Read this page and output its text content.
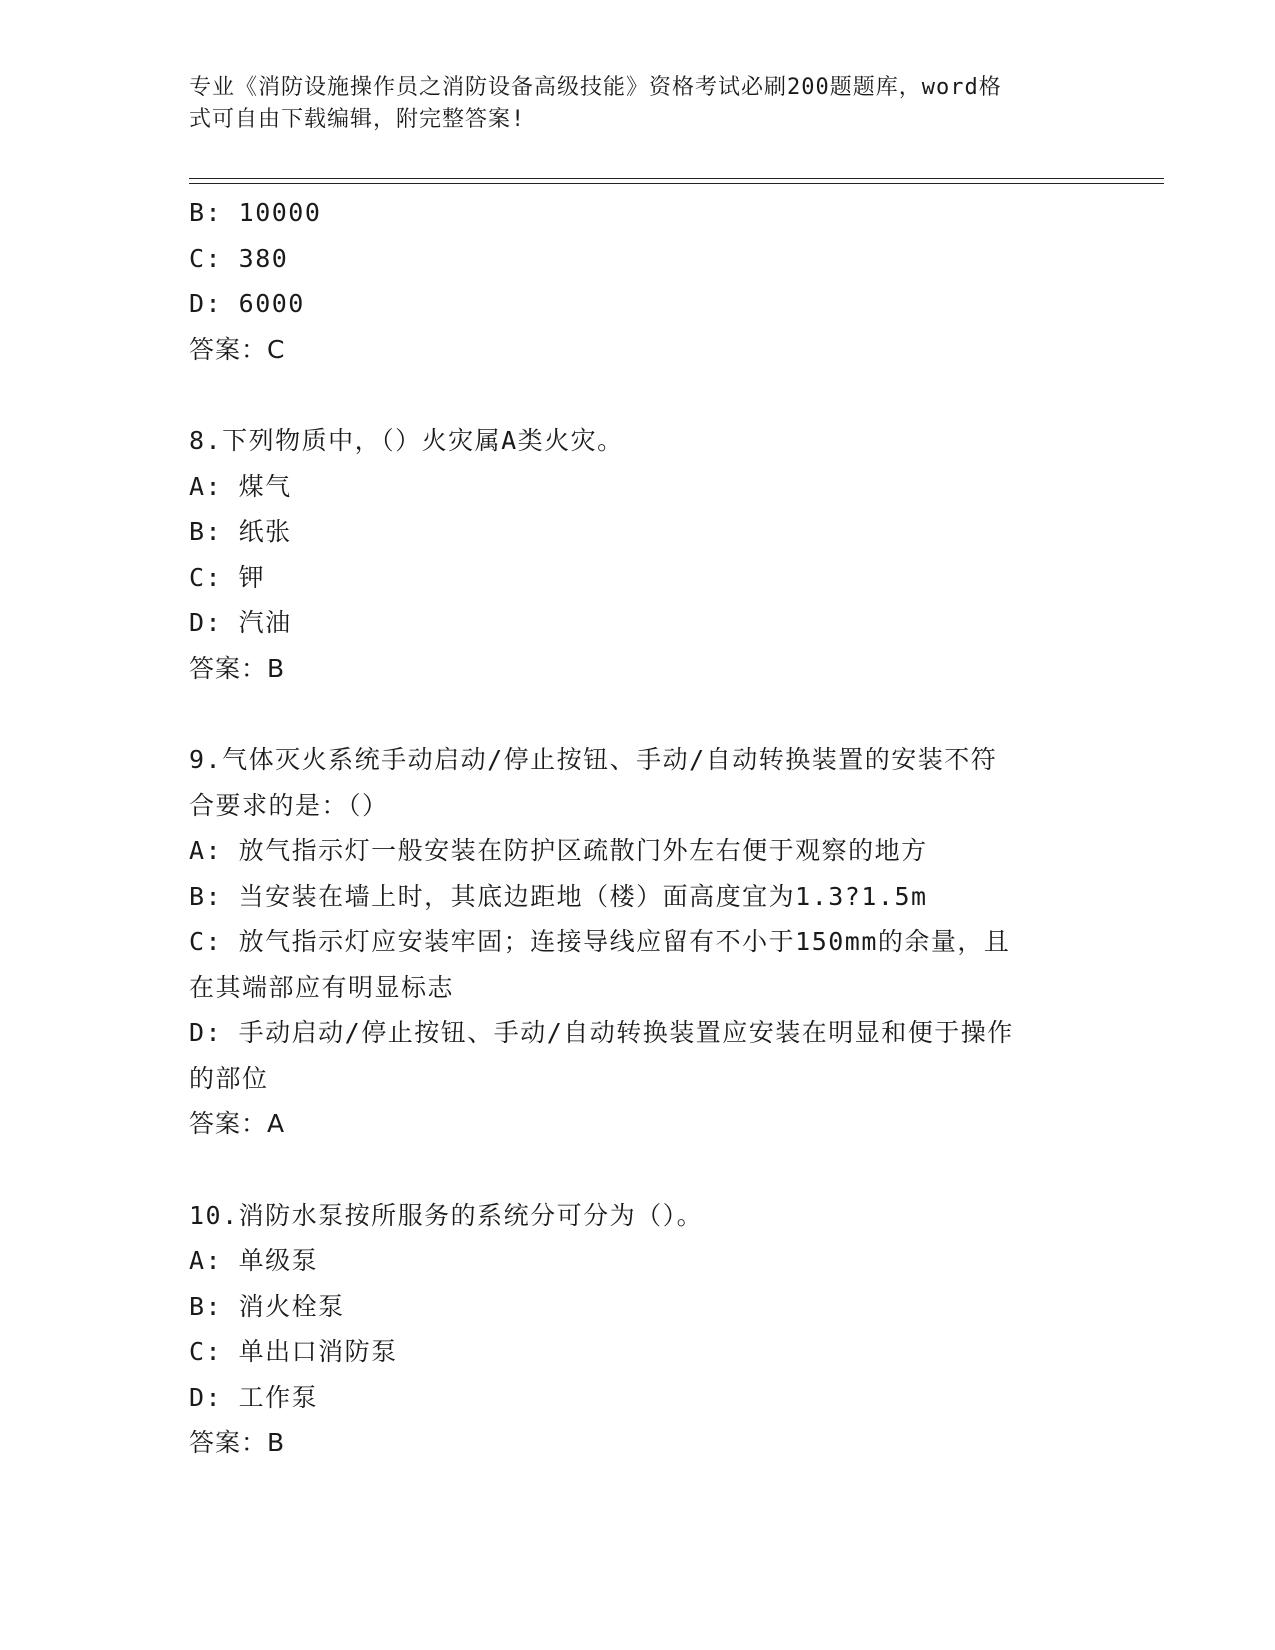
专业《消防设施操作员之消防设备高级技能》资格考试必刷200题题库，word格
式可自由下载编辑，附完整答案!
B: 10000
C: 380
D: 6000
答案：C
8.下列物质中，（）火灾属A类火灾。
A: 煤气
B: 纸张
C: 钾
D: 汽油
答案：B
9.气体灭火系统手动启动/停止按钮、手动/自动转换装置的安装不符
合要求的是：（）
A: 放气指示灯一般安装在防护区疏散门外左右便于观察的地方
B: 当安装在墙上时，其底边距地（楼）面高度宜为1.3?1.5m
C: 放气指示灯应安装牢固；连接导线应留有不小于150mm的余量，且
在其端部应有明显标志
D: 手动启动/停止按钮、手动/自动转换装置应安装在明显和便于操作
的部位
答案：A
10.消防水泵按所服务的系统分可分为（）。
A: 单级泵
B: 消火栓泵
C: 单出口消防泵
D: 工作泵
答案：B
